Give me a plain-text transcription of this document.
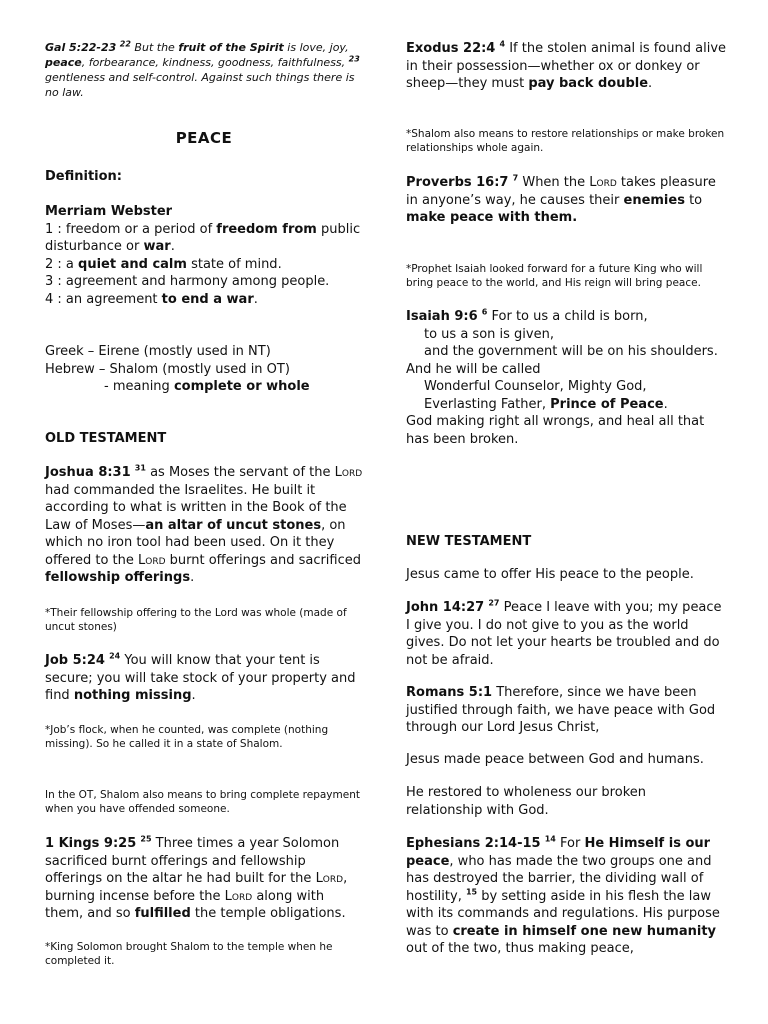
Gal 5:22-23 $^{22}$ But the fruit of the Spirit is love, joy, peace, forbearance, kindness, goodness, faithfulness, $^{23}$ gentleness and self-control. Against such things there is no law.

PEACE
Definition:
Merriam Webster
1 : freedom or a period of freedom from public disturbance or war.
2 : a quiet and calm state of mind.
3 : agreement and harmony among people.
4 : an agreement to end a war.
Greek – Eirene (mostly used in NT)
Hebrew – Shalom (mostly used in OT)
- meaning complete or whole
OLD TESTAMENT

Joshua 8:31 $^{31}$ as Moses the servant of the Lord had commanded the Israelites. He built it according to what is written in the Book of the Law of Moses—an altar of uncut stones, on which no iron tool had been used. On it they offered to the Lord burnt offerings and sacrificed fellowship offerings.

*Their fellowship offering to the Lord was whole (made of uncut stones)

Job 5:24 $^{24}$ You will know that your tent is secure; you will take stock of your property and find nothing missing.

*Job’s flock, when he counted, was complete (nothing missing). So he called it in a state of Shalom.

In the OT, Shalom also means to bring complete repayment when you have offended someone.

1 Kings 9:25 $^{25}$ Three times a year Solomon sacrificed burnt offerings and fellowship offerings on the altar he had built for the Lord, burning incense before the Lord along with them, and so fulfilled the temple obligations.

*King Solomon brought Shalom to the temple when he completed it.

Exodus 22:4 $^4$ If the stolen animal is found alive in their possession—whether ox or donkey or sheep—they must pay back double.

*Shalom also means to restore relationships or make broken relationships whole again.

Proverbs 16:7 $^7$ When the Lord takes pleasure in anyone’s way, he causes their enemies to make peace with them.

*Prophet Isaiah looked forward for a future King who will bring peace to the world, and His reign will bring peace.

Isaiah 9:6 $^6$ For to us a child is born,
to us a son is given,
and the government will be on his shoulders.
And he will be called
Wonderful Counselor, Mighty God,
Everlasting Father, Prince of Peace.
God making right all wrongs, and heal all that has been broken.
NEW TESTAMENT

Jesus came to offer His peace to the people.

John 14:27 $^{27}$ Peace I leave with you; my peace I give you. I do not give to you as the world gives. Do not let your hearts be troubled and do not be afraid.

Romans 5:1 Therefore, since we have been justified through faith, we have peace with God through our Lord Jesus Christ,

Jesus made peace between God and humans.

He restored to wholeness our broken relationship with God.

Ephesians 2:14-15 $^{14}$ For He Himself is our peace, who has made the two groups one and has destroyed the barrier, the dividing wall of hostility, $^{15}$ by setting aside in his flesh the law with its commands and regulations. His purpose was to create in himself one new humanity out of the two, thus making peace,
